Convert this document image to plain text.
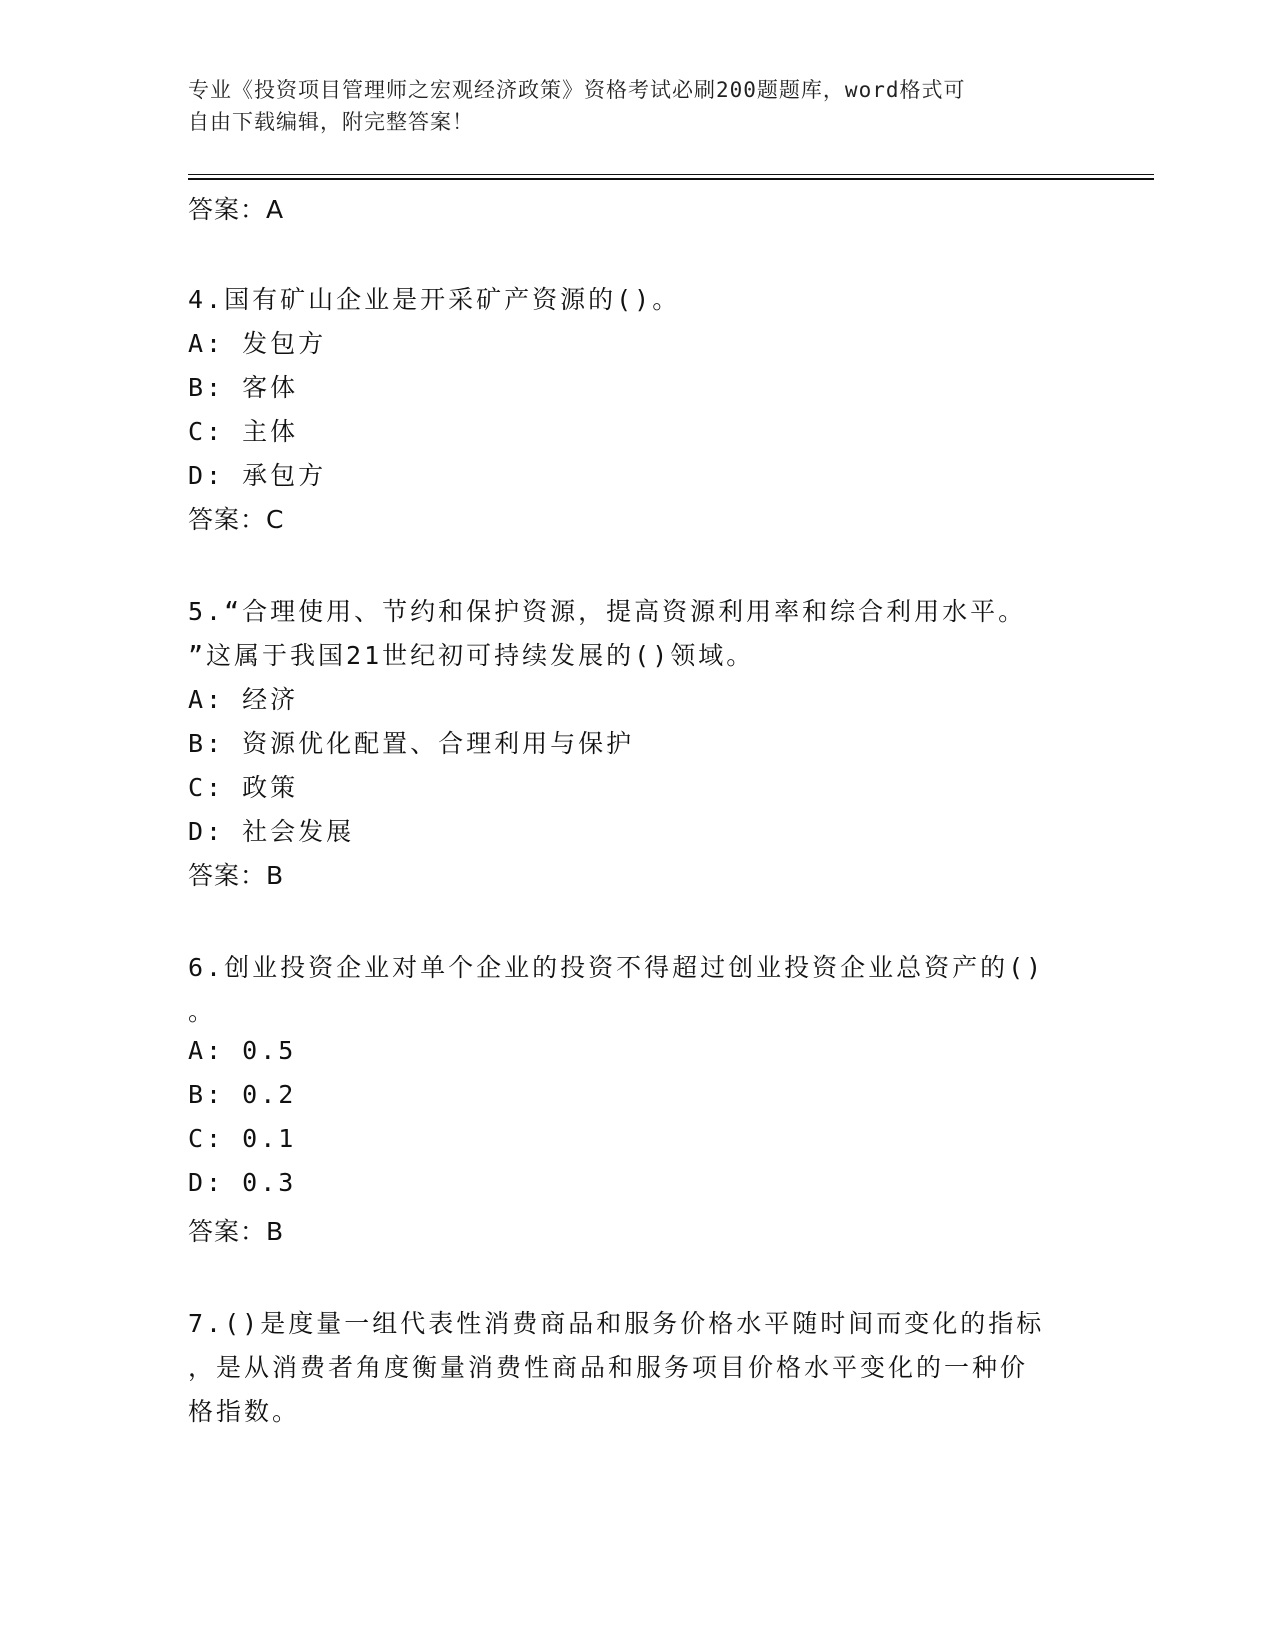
专业《投资项目管理师之宏观经济政策》资格考试必刷200题题库，word格式可
自由下载编辑，附完整答案！
答案：A
4.国有矿山企业是开采矿产资源的()。
A: 发包方
B: 客体
C: 主体
D: 承包方
答案：C
5.“合理使用、节约和保护资源，提高资源利用率和综合利用水平。
”这属于我国21世纪初可持续发展的()领域。
A: 经济
B: 资源优化配置、合理利用与保护
C: 政策
D: 社会发展
答案：B
6.创业投资企业对单个企业的投资不得超过创业投资企业总资产的()
。
A: 0.5
B: 0.2
C: 0.1
D: 0.3
答案：B
7.()是度量一组代表性消费商品和服务价格水平随时间而变化的指标
，是从消费者角度衡量消费性商品和服务项目价格水平变化的一种价
格指数。
